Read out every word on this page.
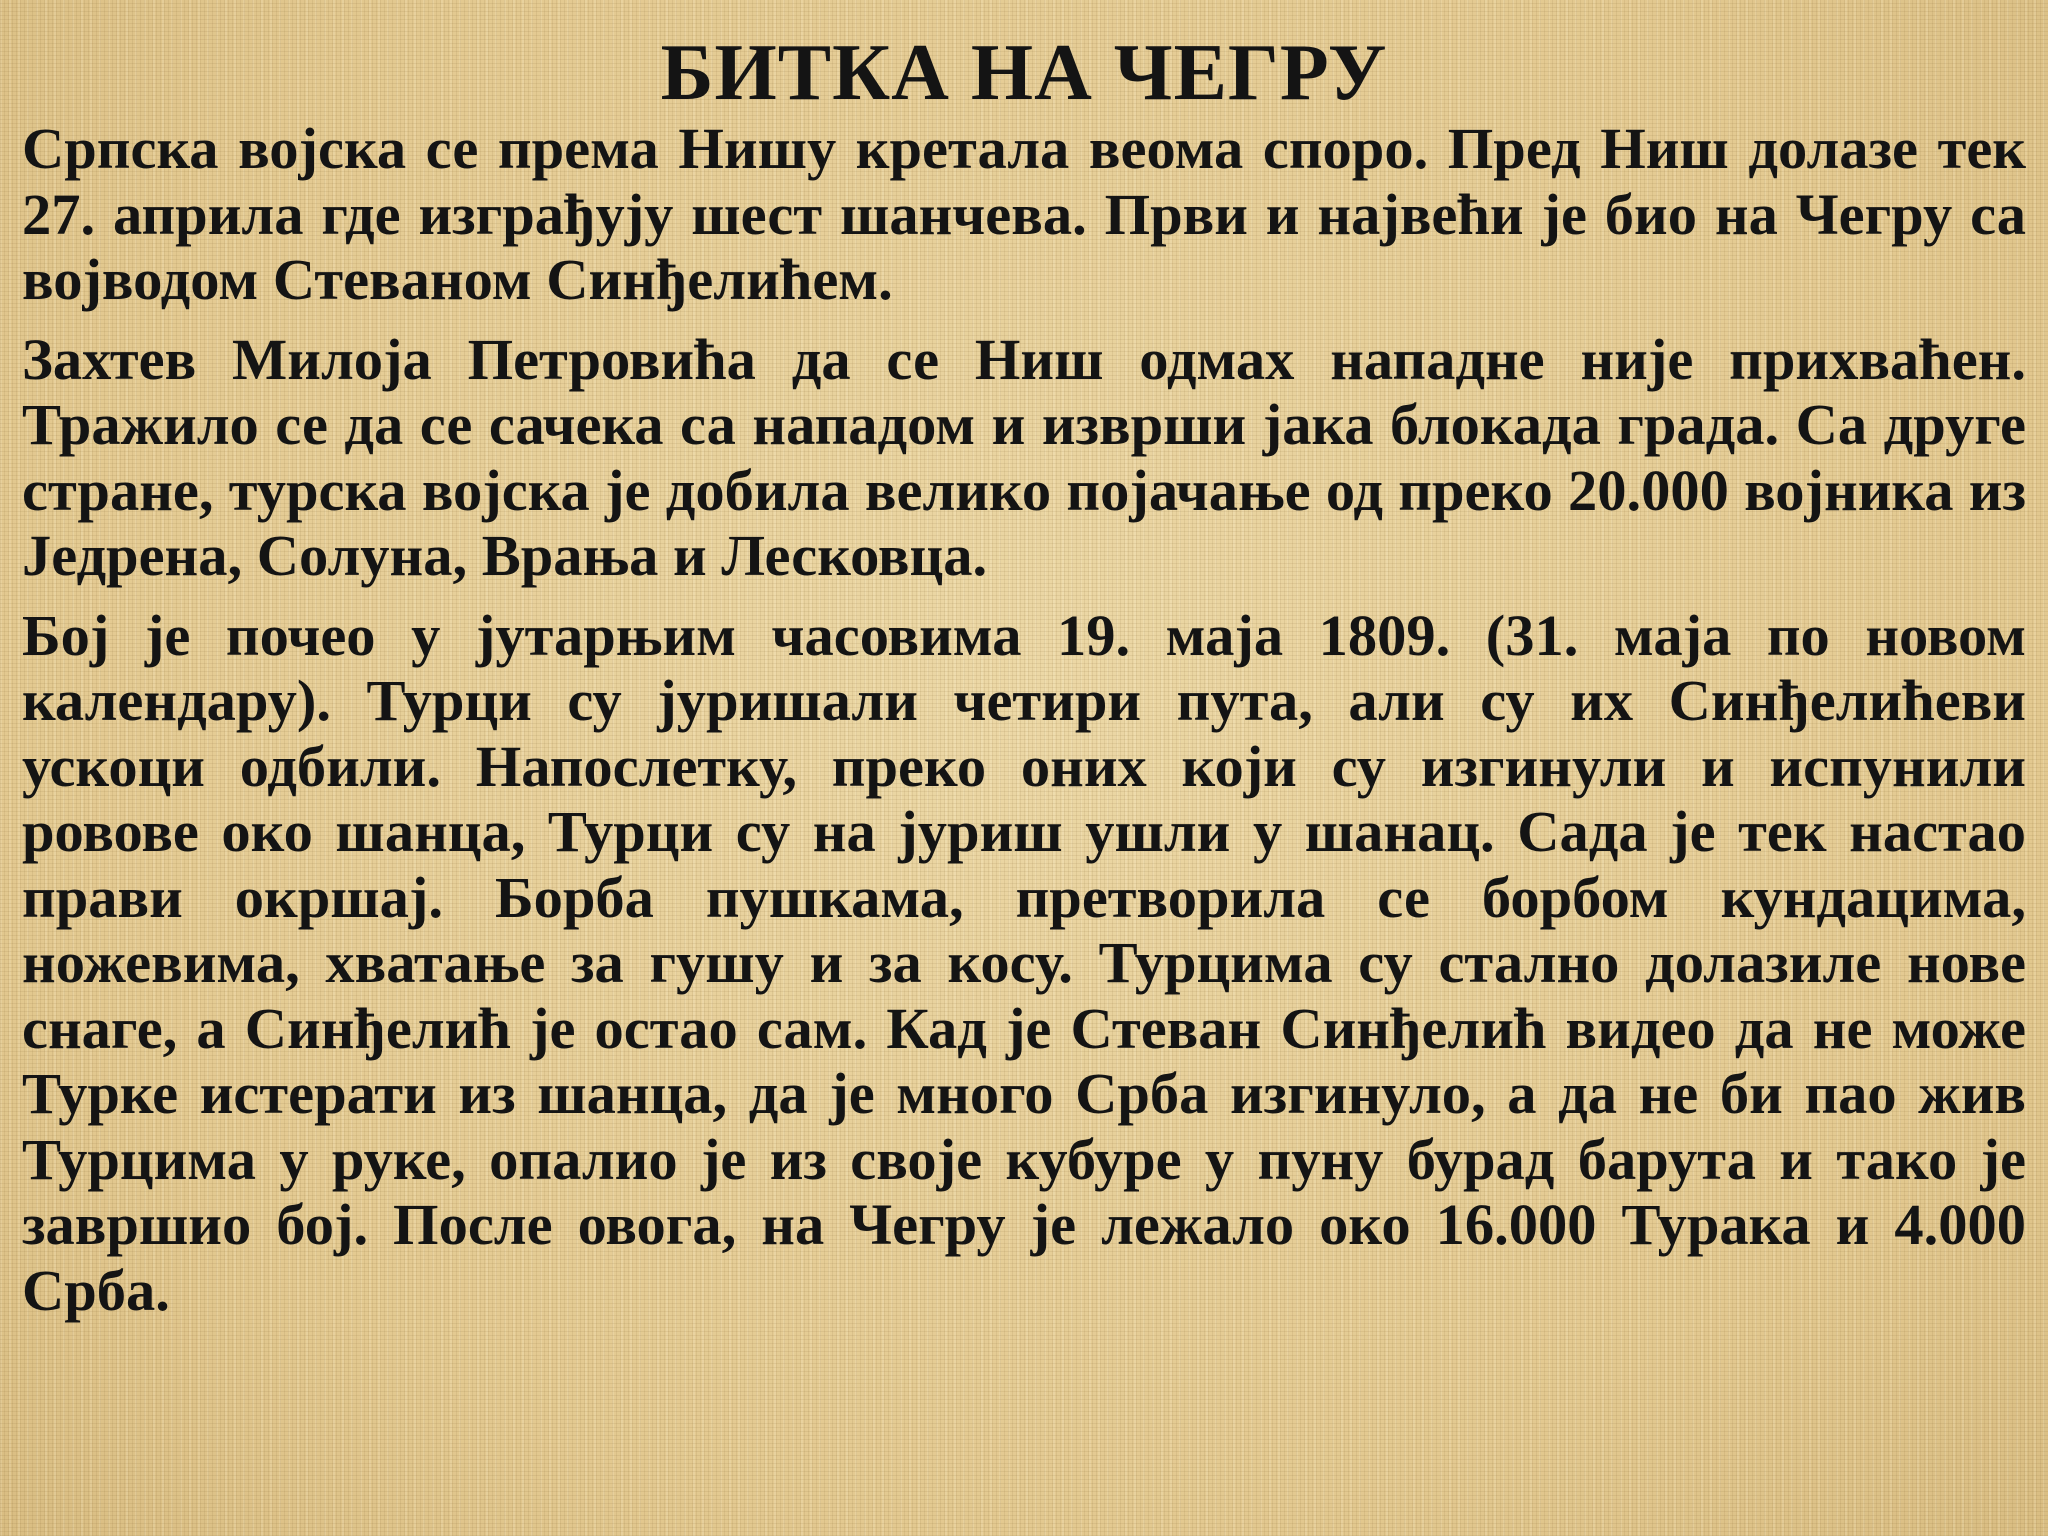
БИТКА НА ЧЕГРУ

Српска војска се према Нишу кретала веома споро. Пред Ниш долазе тек 27. априла где изграђују шест шанчева. Први и највећи је био на Чегру са војводом Стеваном Синђелићем.

Захтев Милоја Петровића да се Ниш одмах нападне није прихваћен. Тражило се да се сачека са нападом и изврши јака блокада града. Са друге стране, турска војска је добила велико појачање од преко 20.000 војника из Једрена, Солуна, Врања и Лесковца.

Бој је почео у јутарњим часовима 19. маја 1809. (31. маја по новом календару). Турци су јуришали четири пута, али су их Синђелићеви ускоци одбили. Напослетку, преко оних који су изгинули и испунили ровове око шанца, Турци су на јуриш ушли у шанац. Сада је тек настао прави окршај. Борба пушкама, претворила се борбом кундацима, ножевима, хватање за гушу и за косу. Турцима су стално долазиле нове снаге, а Синђелић је остао сам. Кад је Стеван Синђелић видео да не може Турке истерати из шанца, да је много Срба изгинуло, а да не би пао жив Турцима у руке, опалио је из своје кубуре у пуну бурад барута и тако је завршио бој. После овога, на Чегру је лежало око 16.000 Турака и 4.000 Срба.
